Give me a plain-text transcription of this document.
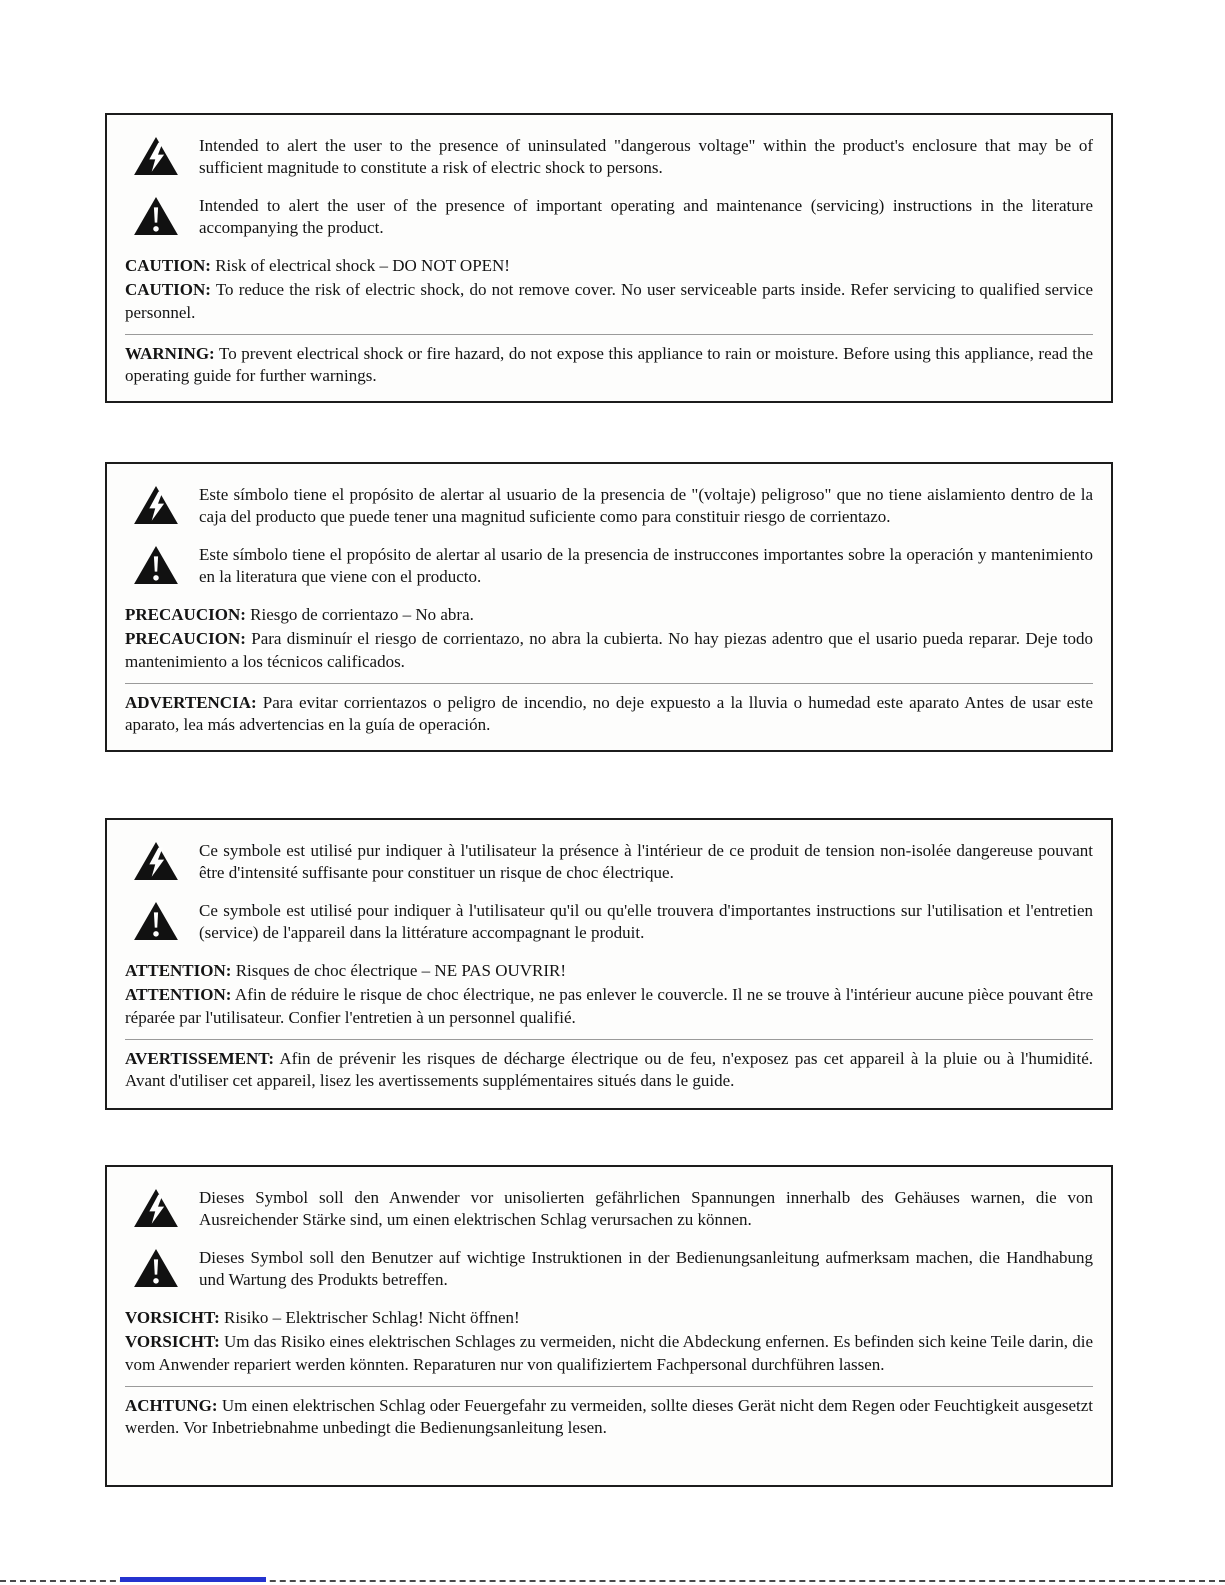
Intended to alert the user to the presence of uninsulated "dangerous voltage" within the product's enclosure that may be of sufficient magnitude to constitute a risk of electric shock to persons.

Intended to alert the user of the presence of important operating and maintenance (servicing) instructions in the literature accompanying the product.

CAUTION: Risk of electrical shock – DO NOT OPEN!

CAUTION: To reduce the risk of electric shock, do not remove cover. No user serviceable parts inside. Refer servicing to qualified service personnel.

WARNING: To prevent electrical shock or fire hazard, do not expose this appliance to rain or moisture. Before using this appliance, read the operating guide for further warnings.

Este símbolo tiene el propósito de alertar al usuario de la presencia de "(voltaje) peligroso" que no tiene aislamiento dentro de la caja del producto que puede tener una magnitud suficiente como para constituir riesgo de corrientazo.

Este símbolo tiene el propósito de alertar al usario de la presencia de instruccones importantes sobre la operación y mantenimiento en la literatura que viene con el producto.

PRECAUCION: Riesgo de corrientazo – No abra.

PRECAUCION: Para disminuír el riesgo de corrientazo, no abra la cubierta. No hay piezas adentro que el usario pueda reparar. Deje todo mantenimiento a los técnicos calificados.

ADVERTENCIA: Para evitar corrientazos o peligro de incendio, no deje expuesto a la lluvia o humedad este aparato Antes de usar este aparato, lea más advertencias en la guía de operación.

Ce symbole est utilisé pur indiquer à l'utilisateur la présence à l'intérieur de ce produit de tension non-isolée dangereuse pouvant être d'intensité suffisante pour constituer un risque de choc électrique.

Ce symbole est utilisé pour indiquer à l'utilisateur qu'il ou qu'elle trouvera d'importantes instructions sur l'utilisation et l'entretien (service) de l'appareil dans la littérature accompagnant le produit.

ATTENTION: Risques de choc électrique – NE PAS OUVRIR!

ATTENTION: Afin de réduire le risque de choc électrique, ne pas enlever le couvercle. Il ne se trouve à l'intérieur aucune pièce pouvant être réparée par l'utilisateur. Confier l'entretien à un personnel qualifié.

AVERTISSEMENT: Afin de prévenir les risques de décharge électrique ou de feu, n'exposez pas cet appareil à la pluie ou à l'humidité. Avant d'utiliser cet appareil, lisez les avertissements supplémentaires situés dans le guide.

Dieses Symbol soll den Anwender vor unisolierten gefährlichen Spannungen innerhalb des Gehäuses warnen, die von Ausreichender Stärke sind, um einen elektrischen Schlag verursachen zu können.

Dieses Symbol soll den Benutzer auf wichtige Instruktionen in der Bedienungsanleitung aufmerksam machen, die Handhabung und Wartung des Produkts betreffen.

VORSICHT: Risiko – Elektrischer Schlag! Nicht öffnen!

VORSICHT: Um das Risiko eines elektrischen Schlages zu vermeiden, nicht die Abdeckung enfernen. Es befinden sich keine Teile darin, die vom Anwender repariert werden könnten. Reparaturen nur von qualifiziertem Fachpersonal durchführen lassen.

ACHTUNG: Um einen elektrischen Schlag oder Feuergefahr zu vermeiden, sollte dieses Gerät nicht dem Regen oder Feuchtigkeit ausgesetzt werden. Vor Inbetriebnahme unbedingt die Bedienungsanleitung lesen.
